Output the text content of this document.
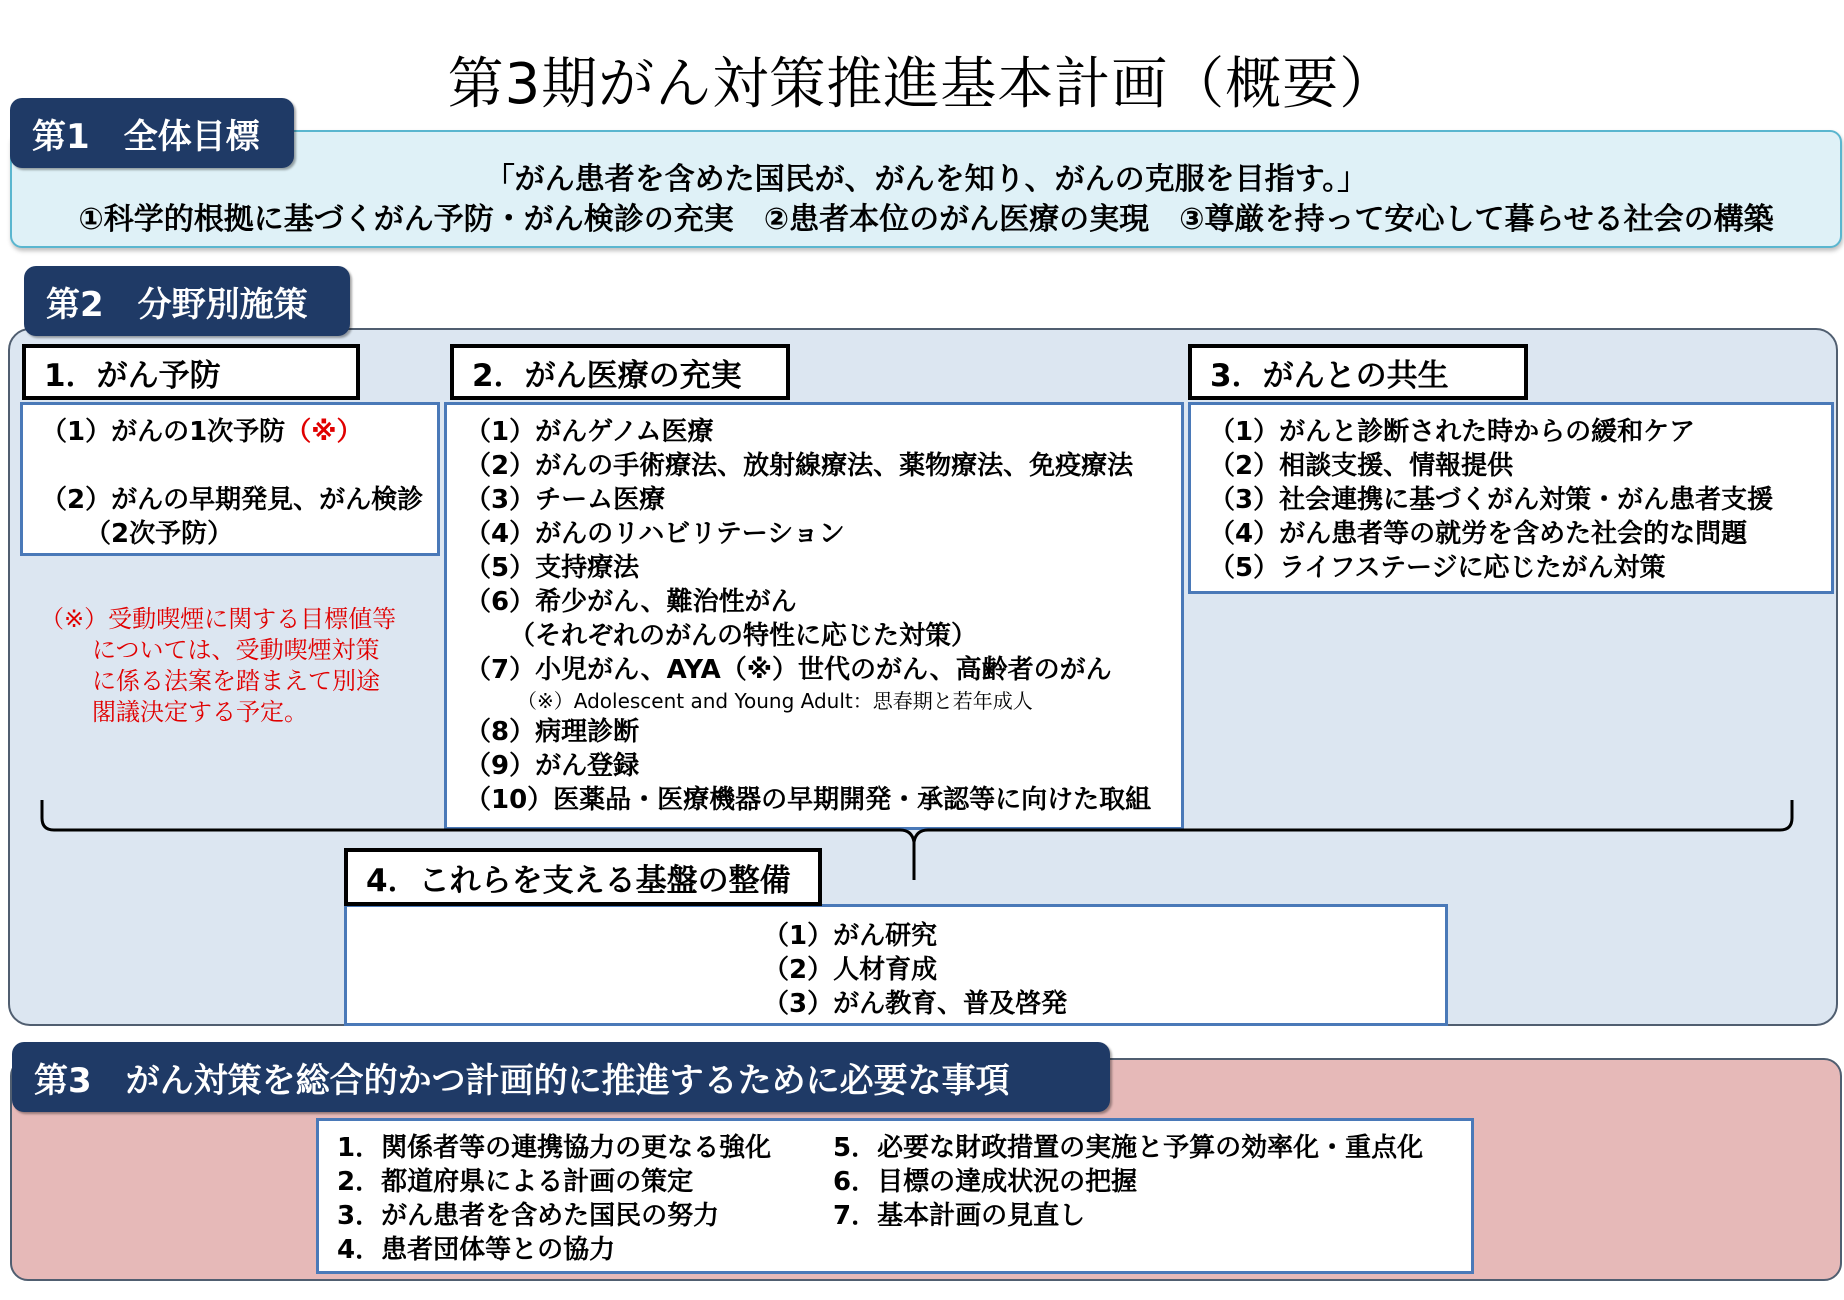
第3期がん対策推進基本計画（概要）
「がん患者を含めた国民が、がんを知り、がんの克服を目指す。」
①科学的根拠に基づくがん予防・がん検診の充実　②患者本位のがん医療の実現　③尊厳を持って安心して暮らせる社会の構築
第1　全体目標
第2　分野別施策
1．がん予防
（1）がんの1次予防（※）
（2）がんの早期発見、がん検診
（2次予防）
（※）受動喫煙に関する目標値等
については、受動喫煙対策
に係る法案を踏まえて別途
閣議決定する予定。
2．がん医療の充実
（1）がんゲノム医療
（2）がんの手術療法、放射線療法、薬物療法、免疫療法
（3）チーム医療
（4）がんのリハビリテーション
（5）支持療法
（6）希少がん、難治性がん
（それぞれのがんの特性に応じた対策）
（7）小児がん、AYA（※）世代のがん、高齢者のがん
（※）Adolescent and Young Adult：思春期と若年成人
（8）病理診断
（9）がん登録
（10）医薬品・医療機器の早期開発・承認等に向けた取組
3．がんとの共生
（1）がんと診断された時からの緩和ケア
（2）相談支援、情報提供
（3）社会連携に基づくがん対策・がん患者支援
（4）がん患者等の就労を含めた社会的な問題
（5）ライフステージに応じたがん対策
4．これらを支える基盤の整備
（1）がん研究
（2）人材育成
（3）がん教育、普及啓発
第3　がん対策を総合的かつ計画的に推進するために必要な事項
1．関係者等の連携協力の更なる強化
2．都道府県による計画の策定
3．がん患者を含めた国民の努力
4．患者団体等との協力
5．必要な財政措置の実施と予算の効率化・重点化
6．目標の達成状況の把握
7．基本計画の見直し
